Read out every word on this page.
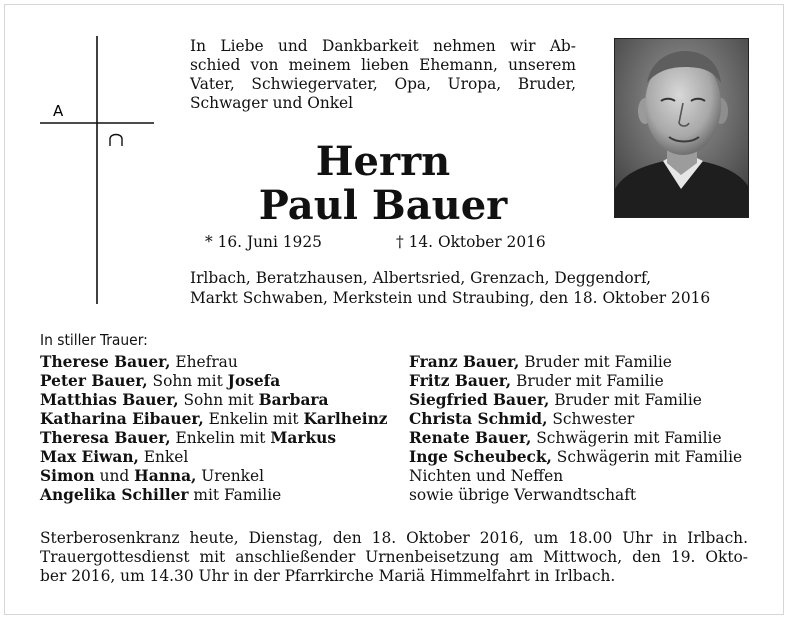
A
In Liebe und Dankbarkeit nehmen wir Ab-
schied von meinem lieben Ehemann, unserem
Vater, Schwiegervater, Opa, Uropa, Bruder,
Schwager und Onkel
Herrn
Paul Bauer
* 16. Juni 1925	† 14. Oktober 2016
Irlbach, Beratzhausen, Albertsried, Grenzach, Deggendorf,
Markt Schwaben, Merkstein und Straubing, den 18. Oktober 2016
In stiller Trauer:
Therese Bauer, Ehefrau
Peter Bauer, Sohn mit Josefa
Matthias Bauer, Sohn mit Barbara
Katharina Eibauer, Enkelin mit Karlheinz
Theresa Bauer, Enkelin mit Markus
Max Eiwan, Enkel
Simon und Hanna, Urenkel
Angelika Schiller mit Familie
Franz Bauer, Bruder mit Familie
Fritz Bauer, Bruder mit Familie
Siegfried Bauer, Bruder mit Familie
Christa Schmid, Schwester
Renate Bauer, Schwägerin mit Familie
Inge Scheubeck, Schwägerin mit Familie
Nichten und Neffen
sowie übrige Verwandtschaft
Sterberosenkranz heute, Dienstag, den 18. Oktober 2016, um 18.00 Uhr in Irlbach.
Trauergottesdienst mit anschließender Urnenbeisetzung am Mittwoch, den 19. Okto-
ber 2016, um 14.30 Uhr in der Pfarrkirche Mariä Himmelfahrt in Irlbach.
